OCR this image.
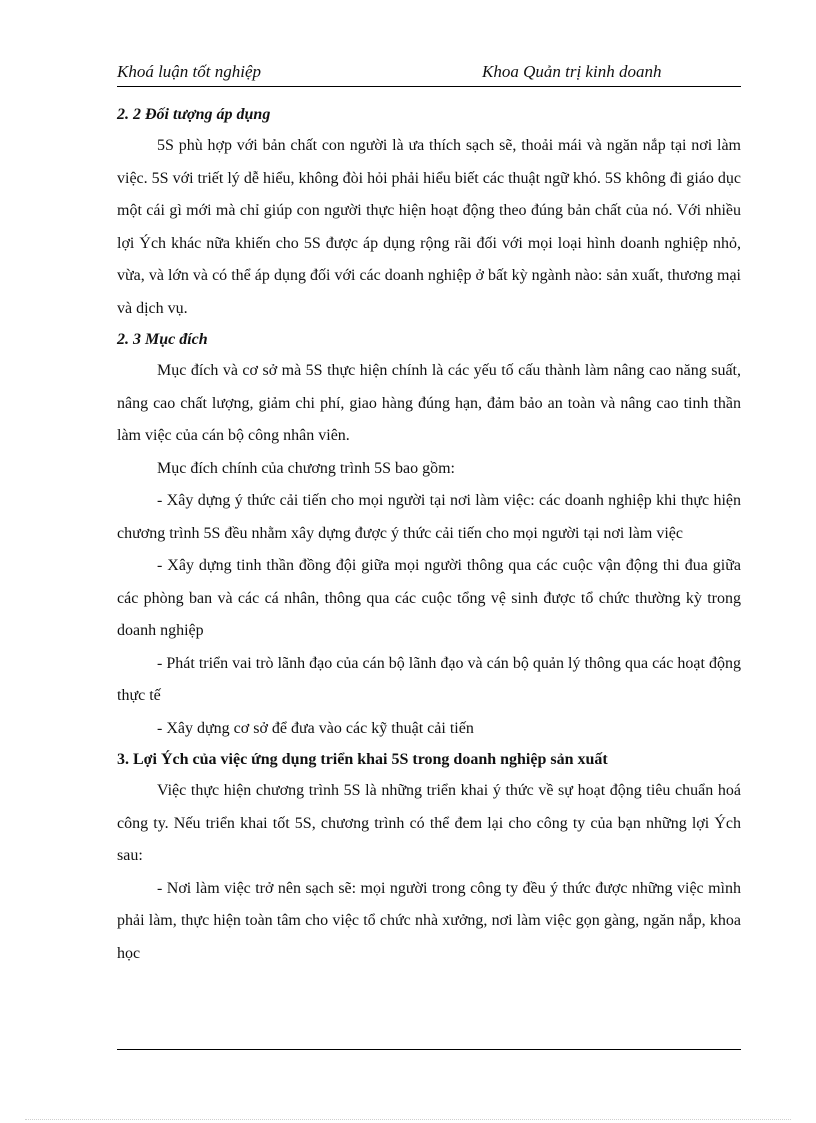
Khoá luận tốt nghiệp	Khoa Quản trị kinh doanh

2. 2 Đối tượng áp dụng

5S phù hợp với bản chất con người là ưa thích sạch sẽ, thoải mái và ngăn nắp tại nơi làm việc. 5S với triết lý dễ hiểu, không đòi hỏi phải hiểu biết các thuật ngữ khó. 5S không đi giáo dục một cái gì mới mà chỉ giúp con người thực hiện hoạt động theo đúng bản chất của nó. Với nhiều lợi Ých khác nữa khiến cho 5S được áp dụng rộng rãi đối với mọi loại hình doanh nghiệp nhỏ, vừa, và lớn và có thể áp dụng đối với các doanh nghiệp ở bất kỳ ngành nào: sản xuất, thương mại và dịch vụ.

2. 3 Mục đích

Mục đích và cơ sở mà 5S thực hiện chính là các yếu tố cấu thành làm nâng cao năng suất, nâng cao chất lượng, giảm chi phí, giao hàng đúng hạn, đảm bảo an toàn và nâng cao tinh thần làm việc của cán bộ công nhân viên.

Mục đích chính của chương trình 5S bao gồm:

- Xây dựng ý thức cải tiến cho mọi người tại nơi làm việc: các doanh nghiệp khi thực hiện chương trình 5S đều nhằm xây dựng được ý thức cải tiến cho mọi người tại nơi làm việc

- Xây dựng tinh thần đồng đội giữa mọi người thông qua các cuộc vận động thi đua giữa các phòng ban và các cá nhân, thông qua các cuộc tổng vệ sinh được tổ chức thường kỳ trong doanh nghiệp

- Phát triển vai trò lãnh đạo của cán bộ lãnh đạo và cán bộ quản lý thông qua các hoạt động thực tế

- Xây dựng cơ sở để đưa vào các kỹ thuật cải tiến

3. Lợi Ých của việc ứng dụng triển khai 5S trong doanh nghiệp sản xuất

Việc thực hiện chương trình 5S là những triển khai ý thức về sự hoạt động tiêu chuẩn hoá công ty. Nếu triển khai tốt 5S, chương trình có thể đem lại cho công ty của bạn những lợi Ých sau:

- Nơi làm việc trở nên sạch sẽ: mọi người trong công ty đều ý thức được những việc mình phải làm, thực hiện toàn tâm cho việc tổ chức nhà xưởng, nơi làm việc gọn gàng, ngăn nắp, khoa học
